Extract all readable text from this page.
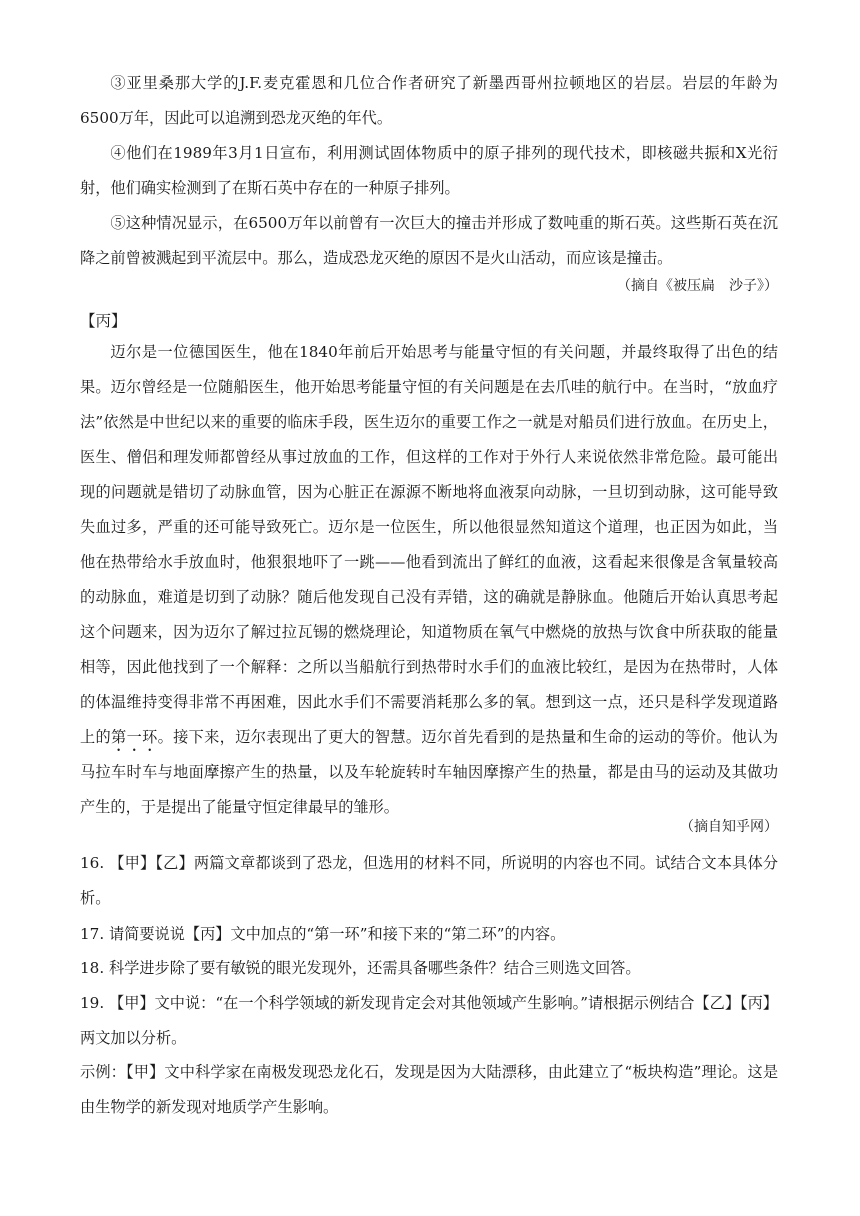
③亚里桑那大学的J.F.麦克霍恩和几位合作者研究了新墨西哥州拉顿地区的岩层。岩层的年龄为6500万年，因此可以追溯到恐龙灭绝的年代。

④他们在1989年3月1日宣布，利用测试固体物质中的原子排列的现代技术，即核磁共振和X光衍射，他们确实检测到了在斯石英中存在的一种原子排列。

⑤这种情况显示，在6500万年以前曾有一次巨大的撞击并形成了数吨重的斯石英。这些斯石英在沉降之前曾被溅起到平流层中。那么，造成恐龙灭绝的原因不是火山活动，而应该是撞击。

（摘自《被压扁　沙子》）
【丙】

迈尔是一位德国医生，他在1840年前后开始思考与能量守恒的有关问题，并最终取得了出色的结果。迈尔曾经是一位随船医生，他开始思考能量守恒的有关问题是在去爪哇的航行中。在当时，“放血疗法”依然是中世纪以来的重要的临床手段，医生迈尔的重要工作之一就是对船员们进行放血。在历史上，医生、僧侣和理发师都曾经从事过放血的工作，但这样的工作对于外行人来说依然非常危险。最可能出现的问题就是错切了动脉血管，因为心脏正在源源不断地将血液泵向动脉，一旦切到动脉，这可能导致失血过多，严重的还可能导致死亡。迈尔是一位医生，所以他很显然知道这个道理，也正因为如此，当他在热带给水手放血时，他狠狠地吓了一跳——他看到流出了鲜红的血液，这看起来很像是含氧量较高的动脉血，难道是切到了动脉？随后他发现自己没有弄错，这的确就是静脉血。他随后开始认真思考起这个问题来，因为迈尔了解过拉瓦锡的燃烧理论，知道物质在氧气中燃烧的放热与饮食中所获取的能量相等，因此他找到了一个解释：之所以当船航行到热带时水手们的血液比较红，是因为在热带时，人体的体温维持变得非常不再困难，因此水手们不需要消耗那么多的氧。想到这一点，还只是科学发现道路上的第一环。接下来，迈尔表现出了更大的智慧。迈尔首先看到的是热量和生命的运动的等价。他认为马拉车时车与地面摩擦产生的热量，以及车轮旋转时车轴因摩擦产生的热量，都是由马的运动及其做功产生的，于是提出了能量守恒定律最早的雏形。

（摘自知乎网）

16. 【甲】【乙】两篇文章都谈到了恐龙，但选用的材料不同，所说明的内容也不同。试结合文本具体分析。

17. 请简要说说【丙】文中加点的“第一环”和接下来的“第二环”的内容。

18. 科学进步除了要有敏锐的眼光发现外，还需具备哪些条件？结合三则选文回答。

19. 【甲】文中说：“在一个科学领域的新发现肯定会对其他领域产生影响。”请根据示例结合【乙】【丙】两文加以分析。

示例：【甲】文中科学家在南极发现恐龙化石，发现是因为大陆漂移，由此建立了“板块构造”理论。这是由生物学的新发现对地质学产生影响。
